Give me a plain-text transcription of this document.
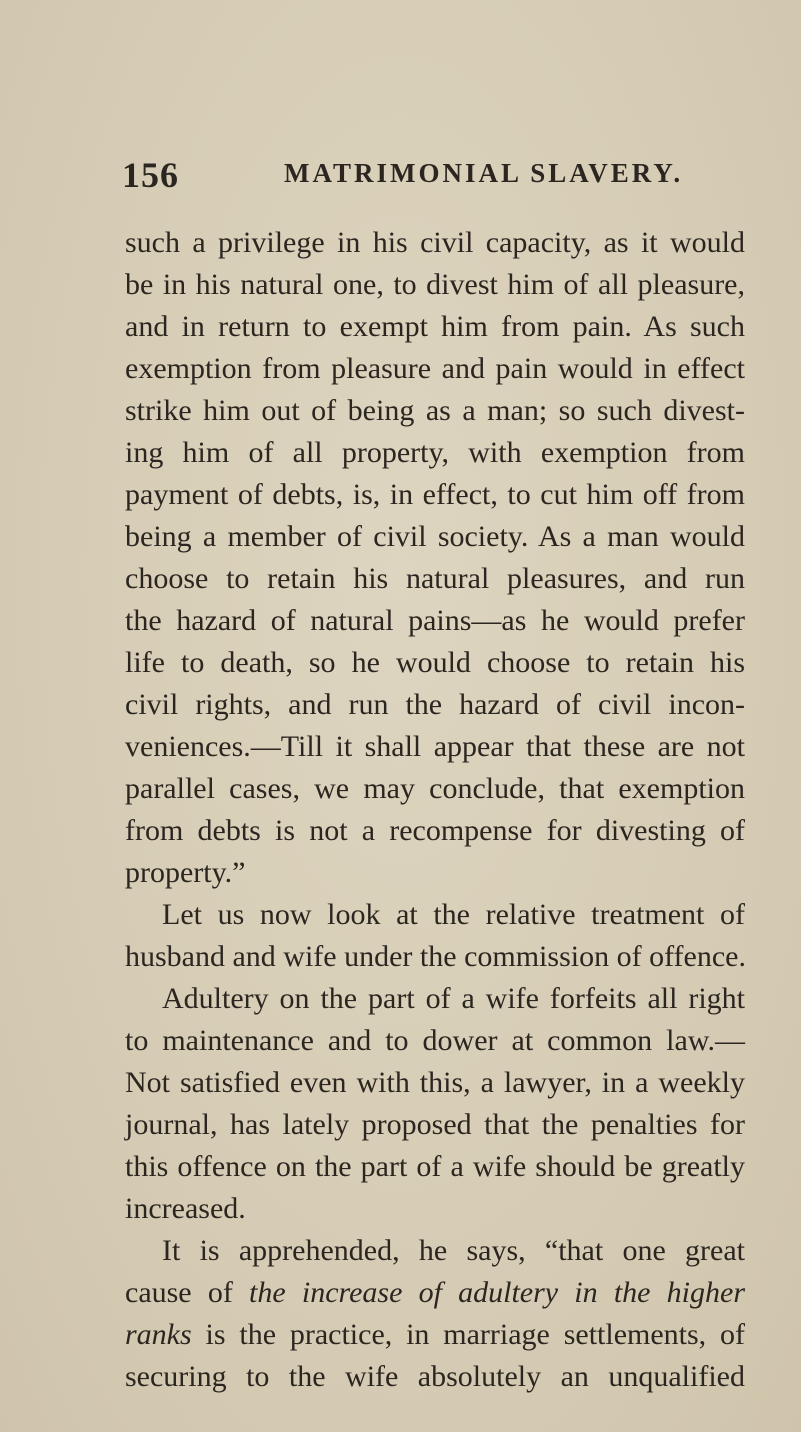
156	MATRIMONIAL SLAVERY.
such a privilege in his civil capacity, as it would
be in his natural one, to divest him of all pleasure,
and in return to exempt him from pain. As such
exemption from pleasure and pain would in effect
strike him out of being as a man; so such divest-
ing him of all property, with exemption from
payment of debts, is, in effect, to cut him off from
being a member of civil society. As a man would
choose to retain his natural pleasures, and run
the hazard of natural pains—as he would prefer
life to death, so he would choose to retain his
civil rights, and run the hazard of civil incon-
veniences.—Till it shall appear that these are not
parallel cases, we may conclude, that exemption
from debts is not a recompense for divesting of
property.”
Let us now look at the relative treatment of
husband and wife under the commission of offence.
Adultery on the part of a wife forfeits all right
to maintenance and to dower at common law.—
Not satisfied even with this, a lawyer, in a weekly
journal, has lately proposed that the penalties for
this offence on the part of a wife should be greatly
increased.
It is apprehended, he says, “that one great
cause of the increase of adultery in the higher
ranks is the practice, in marriage settlements, of
securing to the wife absolutely an unqualified
